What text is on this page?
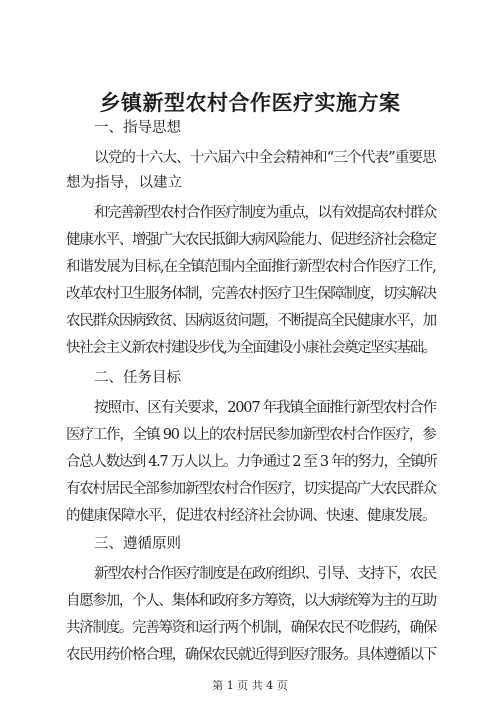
乡镇新型农村合作医疗实施方案
一、指导思想
以党的十六大、十六届六中全会精神和“三个代表”重要思
想为指导，以建立
和完善新型农村合作医疗制度为重点，以有效提高农村群众
健康水平、增强广大农民抵御大病风险能力、促进经济社会稳定
和谐发展为目标,在全镇范围内全面推行新型农村合作医疗工作,
改革农村卫生服务体制，完善农村医疗卫生保障制度，切实解决
农民群众因病致贫、因病返贫问题，不断提高全民健康水平，加
快社会主义新农村建设步伐,为全面建设小康社会奠定坚实基础。
二、任务目标
按照市、区有关要求，2007 年我镇全面推行新型农村合作
医疗工作，全镇 90 以上的农村居民参加新型农村合作医疗，参
合总人数达到 4.7 万人以上。力争通过 2 至 3 年的努力，全镇所
有农村居民全部参加新型农村合作医疗，切实提高广大农民群众
的健康保障水平，促进农村经济社会协调、快速、健康发展。
三、遵循原则
新型农村合作医疗制度是在政府组织、引导、支持下，农民
自愿参加，个人、集体和政府多方筹资，以大病统筹为主的互助
共济制度。完善筹资和运行两个机制，确保农民不吃假药，确保
农民用药价格合理，确保农民就近得到医疗服务。具体遵循以下
第 1 页 共 4 页
